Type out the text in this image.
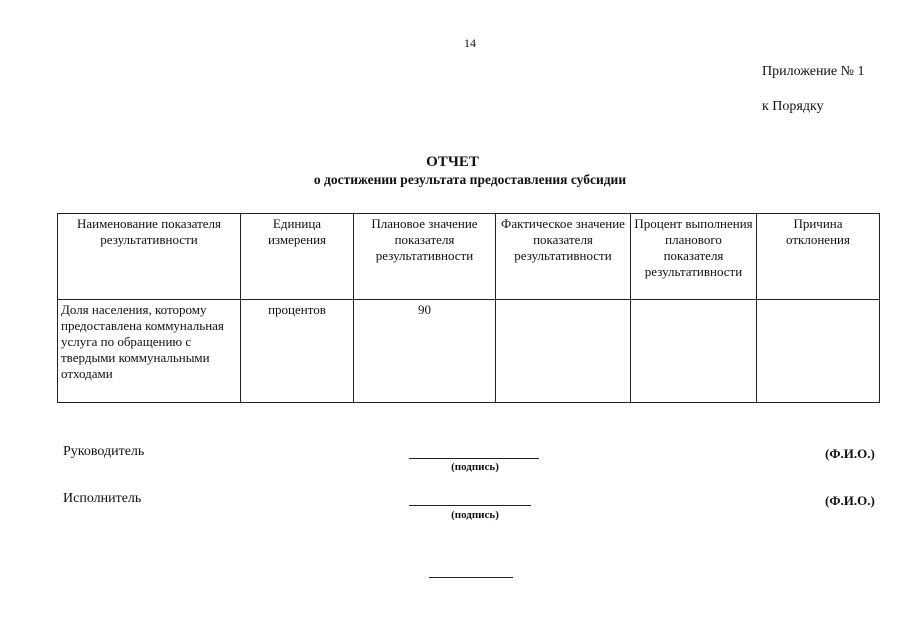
14
Приложение № 1
к Порядку
ОТЧЕТ
о достижении результата предоставления субсидии
Наименование показателя результативности	Единица измерения	Плановое значение показателя результативности	Фактическое значение показателя результативности	Процент выполнения планового показателя результативности	Причина отклонения
Доля населения, которому предоставлена коммунальная услуга по обращению с твердыми коммунальными отходами	процентов	90			
Руководитель
(подпись)
(Ф.И.О.)
Исполнитель
(подпись)
(Ф.И.О.)
